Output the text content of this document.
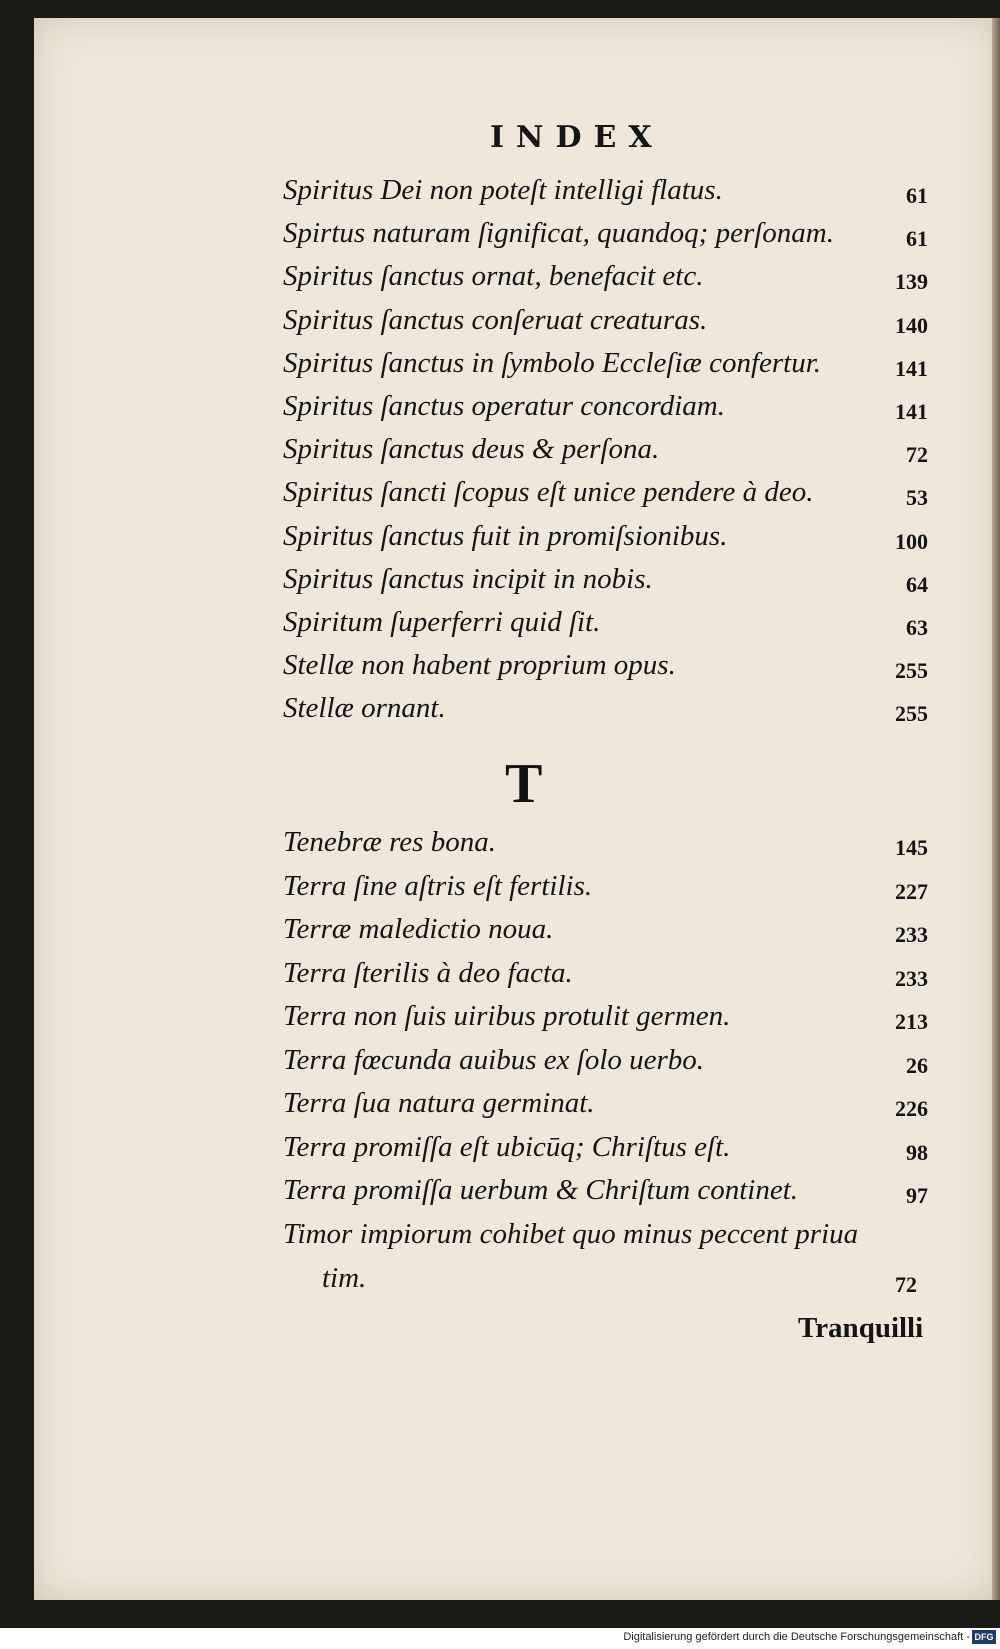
INDEX
Spiritus Dei non poteſt intelligi flatus.	61
Spirtus naturam ſignificat, quandoq; perſonam.	61
Spiritus ſanctus ornat, benefacit etc.	139
Spiritus ſanctus conſeruat creaturas.	140
Spiritus ſanctus in ſymbolo Eccleſiæ confertur.	141
Spiritus ſanctus operatur concordiam.	141
Spiritus ſanctus deus & perſona.	72
Spiritus ſancti ſcopus eſt unice pendere à deo.	53
Spiritus ſanctus fuit in promiſsionibus.	100
Spiritus ſanctus incipit in nobis.	64
Spiritum ſuperferri quid ſit.	63
Stellæ non habent proprium opus.	255
Stellæ ornant.	255
T
Tenebræ res bona.	145
Terra ſine aſtris eſt fertilis.	227
Terræ maledictio noua.	233
Terra ſterilis à deo facta.	233
Terra non ſuis uiribus protulit germen.	213
Terra fœcunda auibus ex ſolo uerbo.	26
Terra ſua natura germinat.	226
Terra promiſſa eſt ubicūq; Chriſtus eſt.	98
Terra promiſſa uerbum & Chriſtum continet.	97
Timor impiorum cohibet quo minus peccent priua
tim.	72
Tranquilli
Digitalisierung gefördert durch die Deutsche Forschungsgemeinschaft - DFG
